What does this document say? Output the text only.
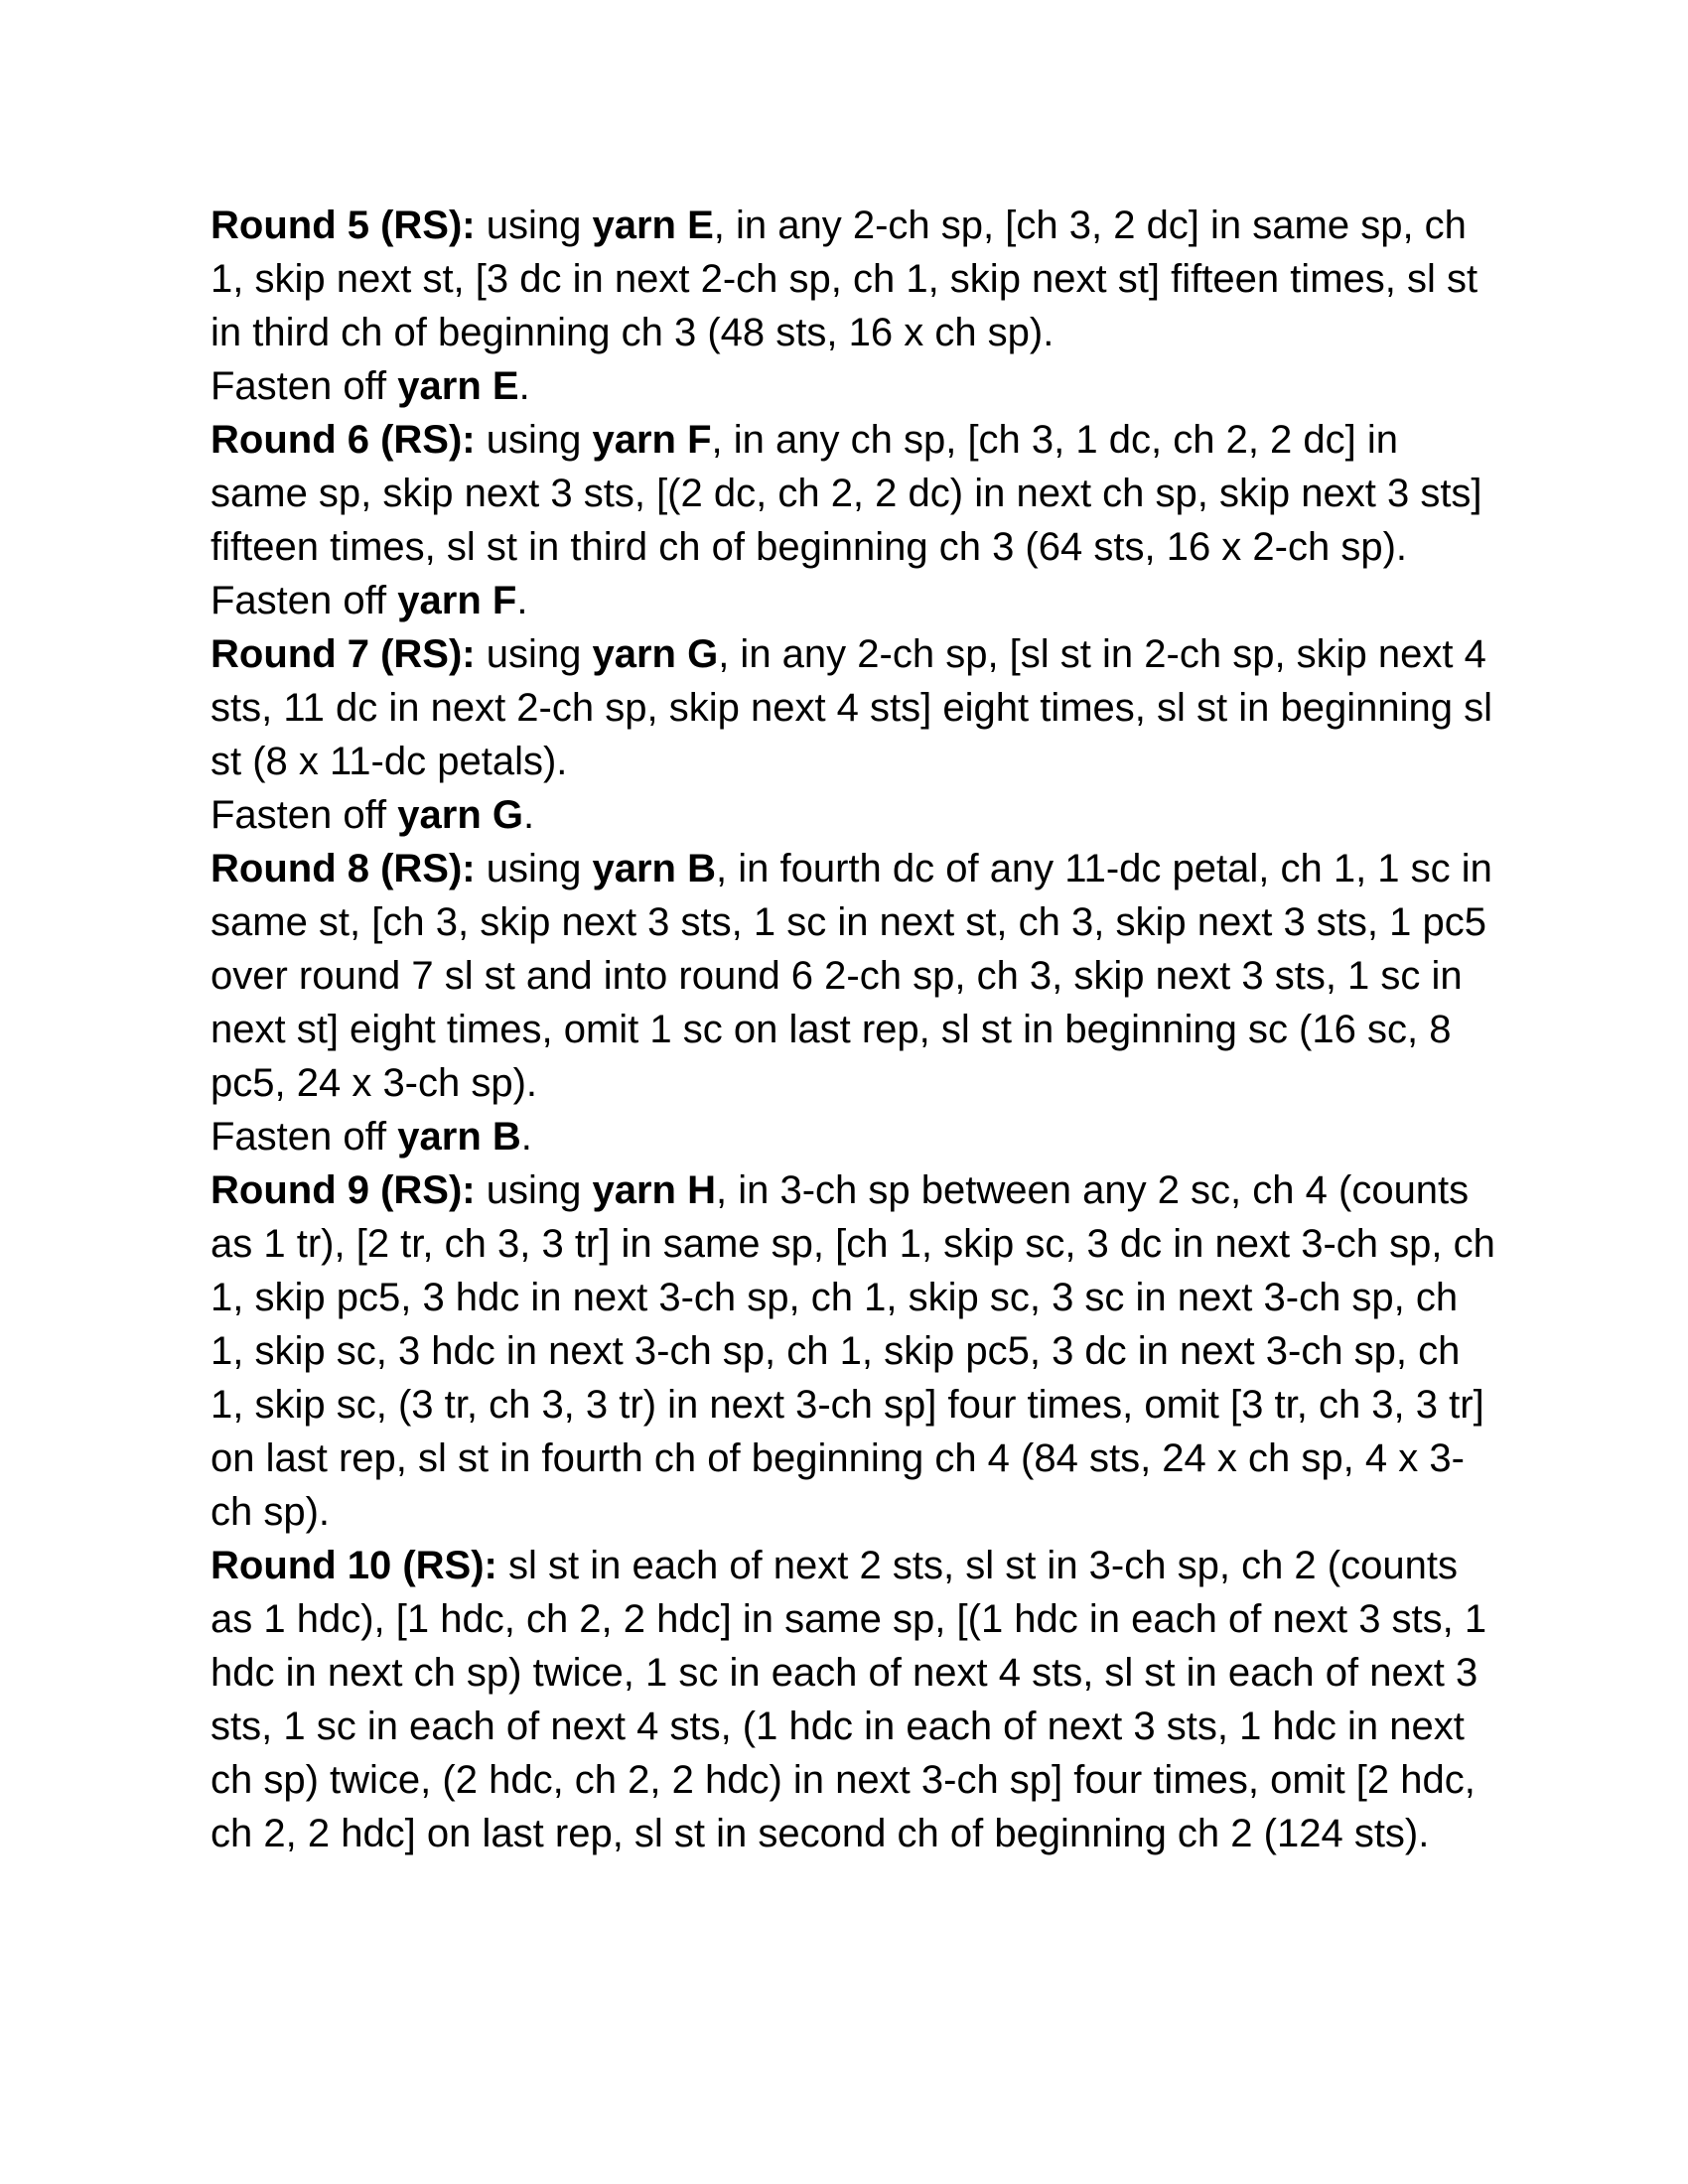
Round 5 (RS): using yarn E, in any 2-ch sp, [ch 3, 2 dc] in same sp, ch 1, skip next st, [3 dc in next 2-ch sp, ch 1, skip next st] fifteen times, sl st in third ch of beginning ch 3 (48 sts, 16 x ch sp).

Fasten off yarn E.

Round 6 (RS): using yarn F, in any ch sp, [ch 3, 1 dc, ch 2, 2 dc] in same sp, skip next 3 sts, [(2 dc, ch 2, 2 dc) in next ch sp, skip next 3 sts] fifteen times, sl st in third ch of beginning ch 3 (64 sts, 16 x 2-ch sp).

Fasten off yarn F.

Round 7 (RS): using yarn G, in any 2-ch sp, [sl st in 2-ch sp, skip next 4 sts, 11 dc in next 2-ch sp, skip next 4 sts] eight times, sl st in beginning sl st (8 x 11-dc petals).

Fasten off yarn G.

Round 8 (RS): using yarn B, in fourth dc of any 11-dc petal, ch 1, 1 sc in same st, [ch 3, skip next 3 sts, 1 sc in next st, ch 3, skip next 3 sts, 1 pc5 over round 7 sl st and into round 6 2-ch sp, ch 3, skip next 3 sts, 1 sc in next st] eight times, omit 1 sc on last rep, sl st in beginning sc (16 sc, 8 pc5, 24 x 3-ch sp).

Fasten off yarn B.

Round 9 (RS): using yarn H, in 3-ch sp between any 2 sc, ch 4 (counts as 1 tr), [2 tr, ch 3, 3 tr] in same sp, [ch 1, skip sc, 3 dc in next 3-ch sp, ch 1, skip pc5, 3 hdc in next 3-ch sp, ch 1, skip sc, 3 sc in next 3-ch sp, ch 1, skip sc, 3 hdc in next 3-ch sp, ch 1, skip pc5, 3 dc in next 3-ch sp, ch 1, skip sc, (3 tr, ch 3, 3 tr) in next 3-ch sp] four times, omit [3 tr, ch 3, 3 tr] on last rep, sl st in fourth ch of beginning ch 4 (84 sts, 24 x ch sp, 4 x 3-ch sp).

Round 10 (RS): sl st in each of next 2 sts, sl st in 3-ch sp, ch 2 (counts as 1 hdc), [1 hdc, ch 2, 2 hdc] in same sp, [(1 hdc in each of next 3 sts, 1 hdc in next ch sp) twice, 1 sc in each of next 4 sts, sl st in each of next 3 sts, 1 sc in each of next 4 sts, (1 hdc in each of next 3 sts, 1 hdc in next ch sp) twice, (2 hdc, ch 2, 2 hdc) in next 3-ch sp] four times, omit [2 hdc, ch 2, 2 hdc] on last rep, sl st in second ch of beginning ch 2 (124 sts).
